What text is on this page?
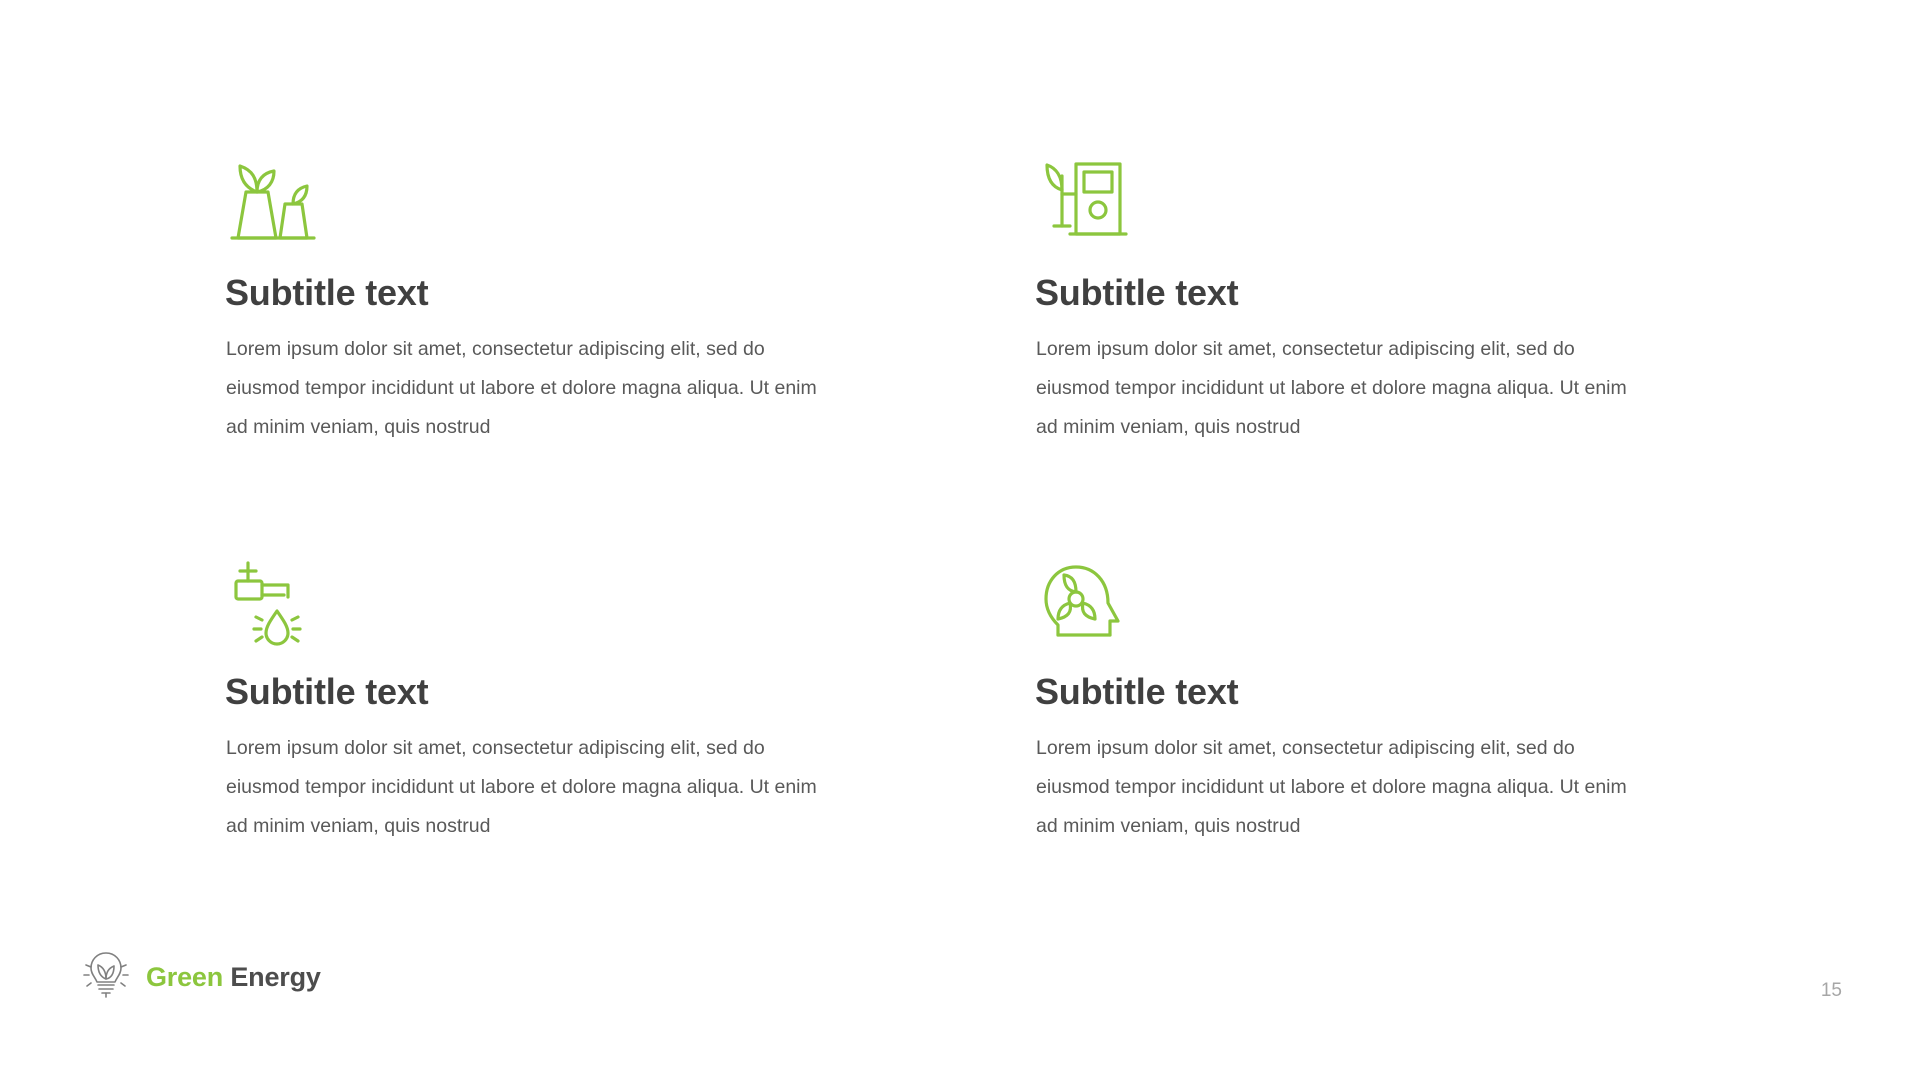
Subtitle text
Lorem ipsum dolor sit amet, consectetur adipiscing elit, sed do eiusmod tempor incididunt ut labore et dolore magna aliqua. Ut enim ad minim veniam, quis nostrud
Subtitle text
Lorem ipsum dolor sit amet, consectetur adipiscing elit, sed do eiusmod tempor incididunt ut labore et dolore magna aliqua. Ut enim ad minim veniam, quis nostrud
Subtitle text
Lorem ipsum dolor sit amet, consectetur adipiscing elit, sed do eiusmod tempor incididunt ut labore et dolore magna aliqua. Ut enim ad minim veniam, quis nostrud
Subtitle text
Lorem ipsum dolor sit amet, consectetur adipiscing elit, sed do eiusmod tempor incididunt ut labore et dolore magna aliqua. Ut enim ad minim veniam, quis nostrud
Green Energy	15
